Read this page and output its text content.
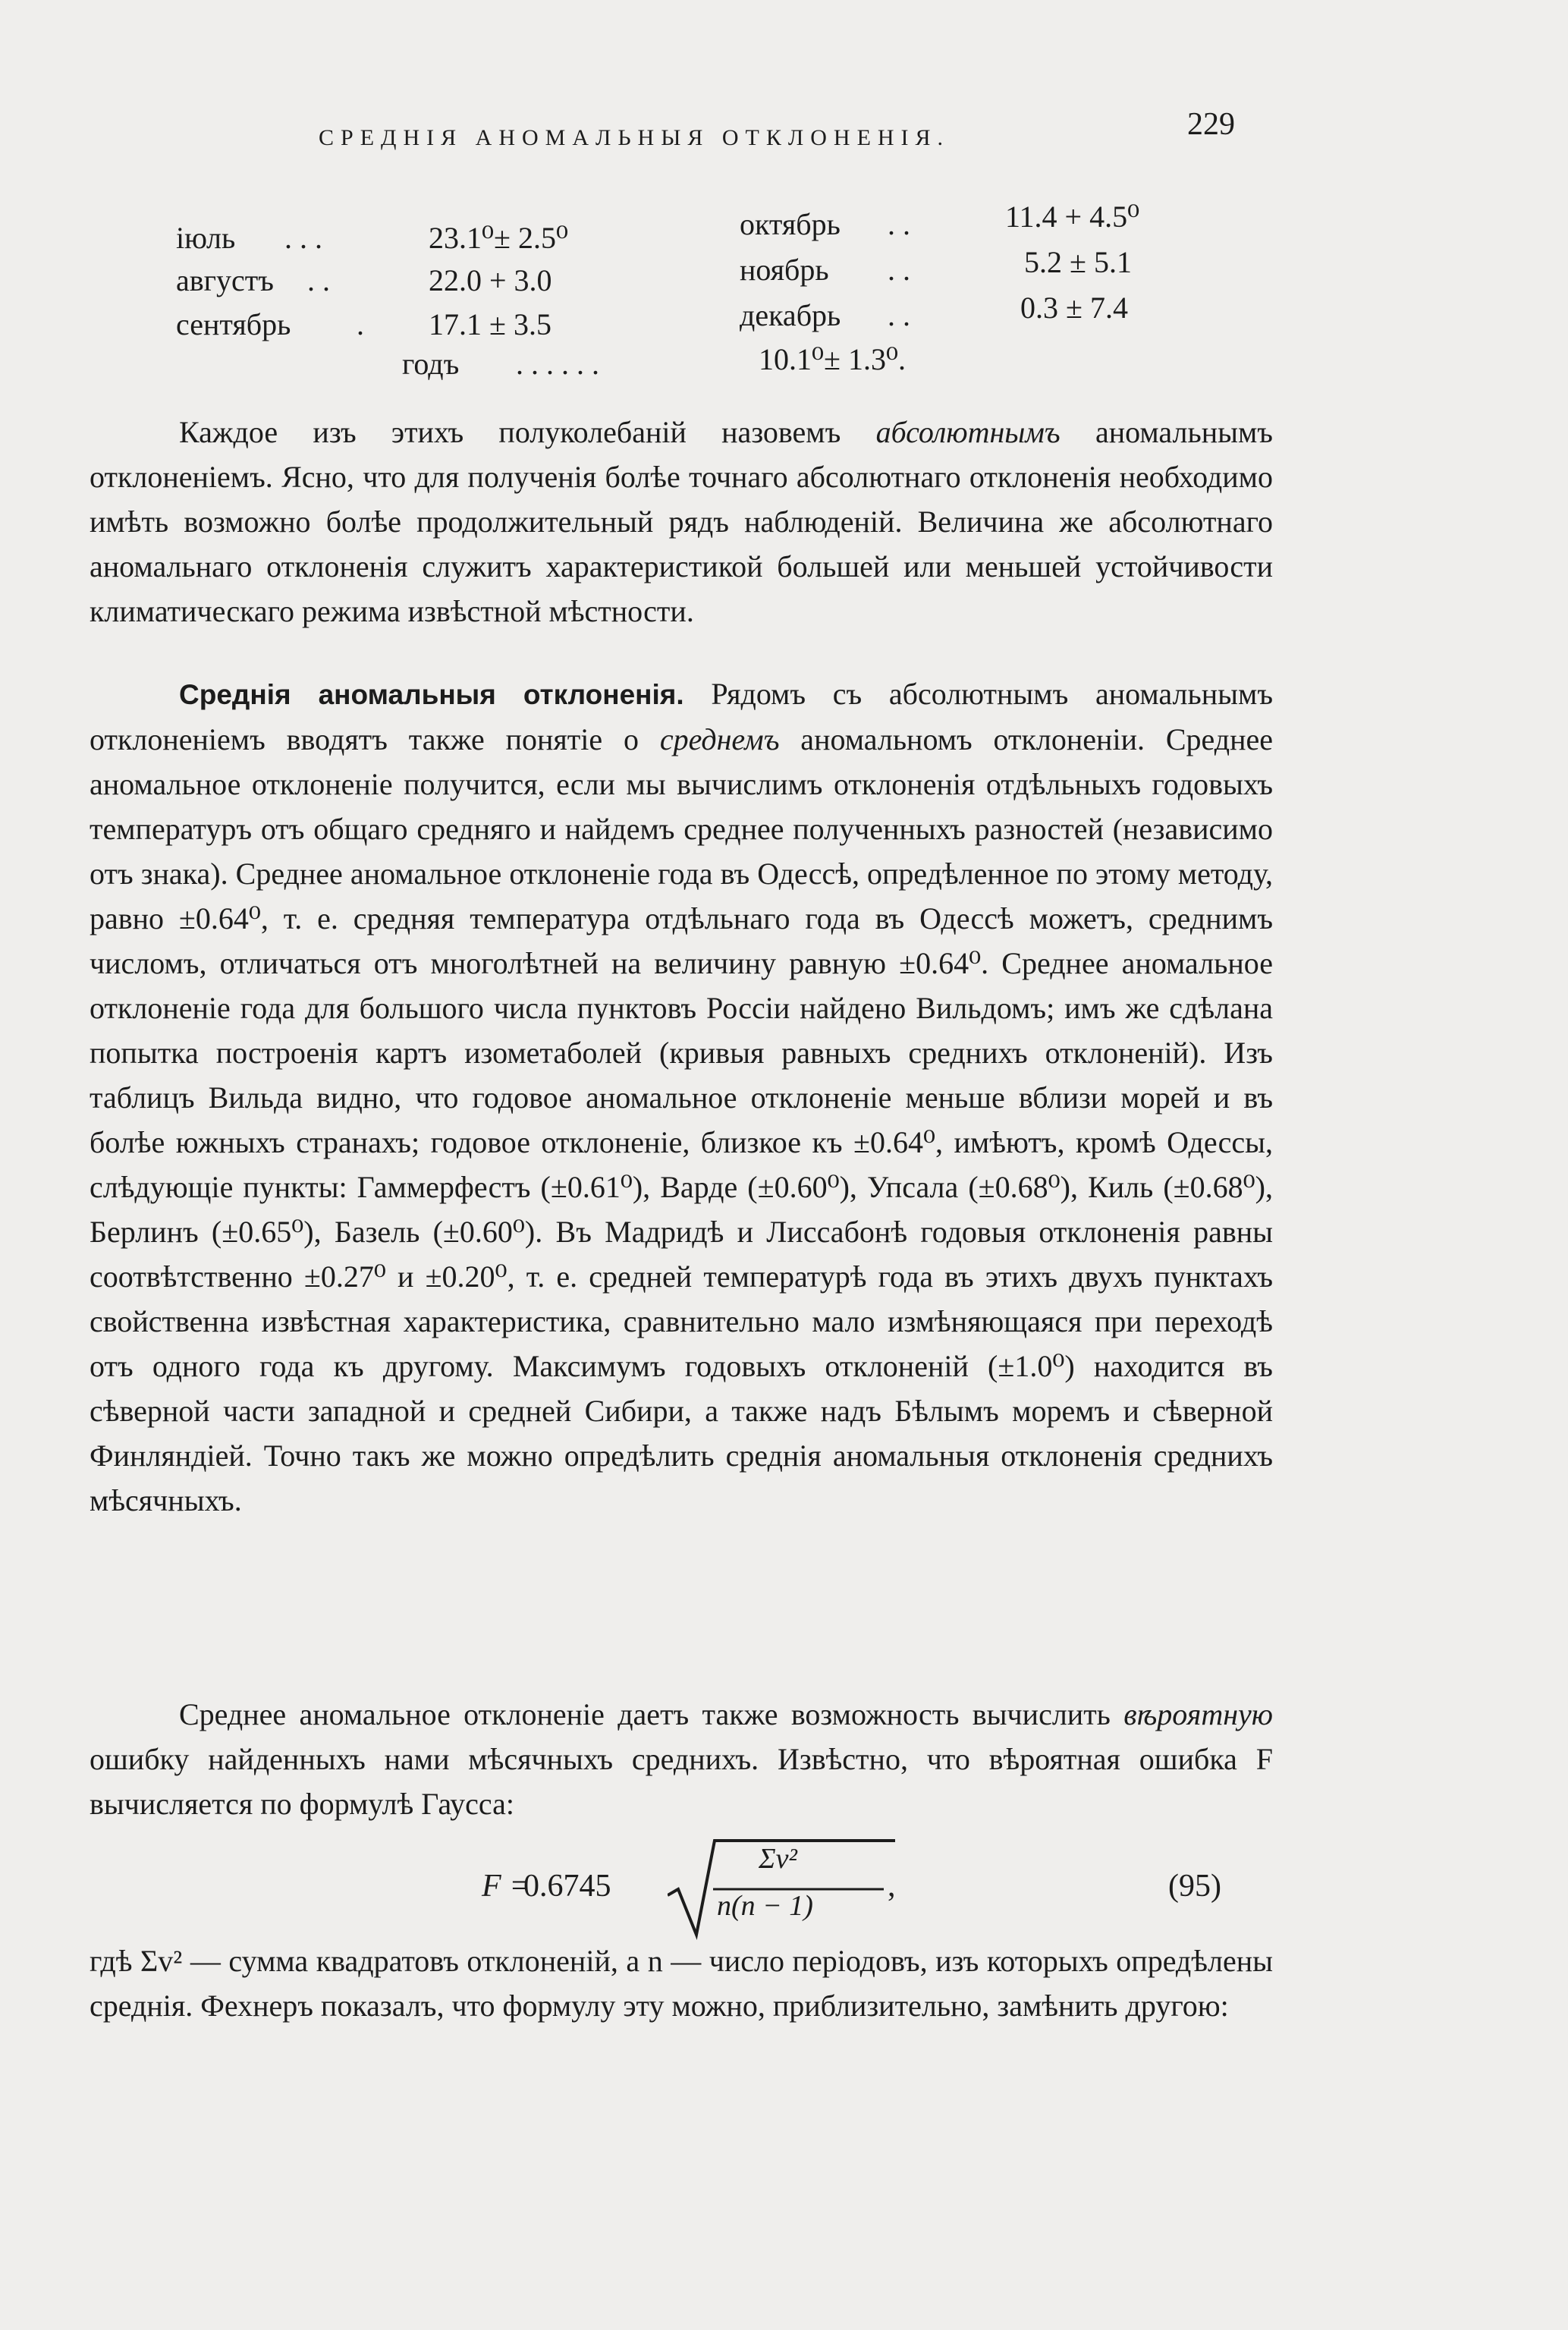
229
СРЕДНІЯ АНОМАЛЬНЫЯ ОТКЛОНЕНІЯ.
іюль . . .	23.1⁰± 2.5⁰
августъ . .	22.0 + 3.0
сентябрь . 17.1 ± 3.5
октябрь . .	11.4 + 4.5⁰
ноябрь . .	5.2 ± 5.1
декабрь . .	0.3 ± 7.4
годъ . . . . . .	10.1⁰± 1.3⁰.

Каждое изъ этихъ полуколебаній назовемъ абсолютнымъ аномальнымъ отклоненіемъ. Ясно, что для полученія болѣе точнаго абсолютнаго отклоненія необходимо имѣть возможно болѣе продолжительный рядъ наблюденій. Величина же абсолютнаго аномальнаго отклоненія служитъ характеристикой большей или меньшей устойчивости климатическаго режима извѣстной мѣстности.

Среднія аномальныя отклоненія. Рядомъ съ абсолютнымъ аномальнымъ отклоненіемъ вводятъ также понятіе о среднемъ аномальномъ отклоненіи. Среднее аномальное отклоненіе получится, если мы вычислимъ отклоненія отдѣльныхъ годовыхъ температуръ отъ общаго средняго и найдемъ среднее полученныхъ разностей (независимо отъ знака). Среднее аномальное отклоненіе года въ Одессѣ, опредѣленное по этому методу, равно ±0.64⁰, т. е. средняя температура отдѣльнаго года въ Одессѣ можетъ, среднимъ числомъ, отличаться отъ многолѣтней на величину равную ±0.64⁰. Среднее аномальное отклоненіе года для большого числа пунктовъ Россіи найдено Вильдомъ; имъ же сдѣлана попытка построенія картъ изометаболей (кривыя равныхъ среднихъ отклоненій). Изъ таблицъ Вильда видно, что годовое аномальное отклоненіе меньше вблизи морей и въ болѣе южныхъ странахъ; годовое отклоненіе, близкое къ ±0.64⁰, имѣютъ, кромѣ Одессы, слѣдующіе пункты: Гаммерфестъ (±0.61⁰), Варде (±0.60⁰), Упсала (±0.68⁰), Киль (±0.68⁰), Берлинъ (±0.65⁰), Базель (±0.60⁰). Въ Мадридѣ и Лиссабонѣ годовыя отклоненія равны соотвѣтственно ±0.27⁰ и ±0.20⁰, т. е. средней температурѣ года въ этихъ двухъ пунктахъ свойственна извѣстная характеристика, сравнительно мало измѣняющаяся при переходѣ отъ одного года къ другому. Максимумъ годовыхъ отклоненій (±1.0⁰) находится въ сѣверной части западной и средней Сибири, а также надъ Бѣлымъ моремъ и сѣверной Финляндіей. Точно такъ же можно опредѣлить среднія аномальныя отклоненія среднихъ мѣсячныхъ.

Среднее аномальное отклоненіе даетъ также возможность вычислить вѣроятную ошибку найденныхъ нами мѣсячныхъ среднихъ. Извѣстно, что вѣроятная ошибка F вычисляется по формулѣ Гаусса:

F =
0.6745
Σv²
n(n − 1)
,	(95)

гдѣ Σv² — сумма квадратовъ отклоненій, а n — число періодовъ, изъ которыхъ опредѣлены среднія. Фехнеръ показалъ, что формулу эту можно, приблизительно, замѣнить другою:
